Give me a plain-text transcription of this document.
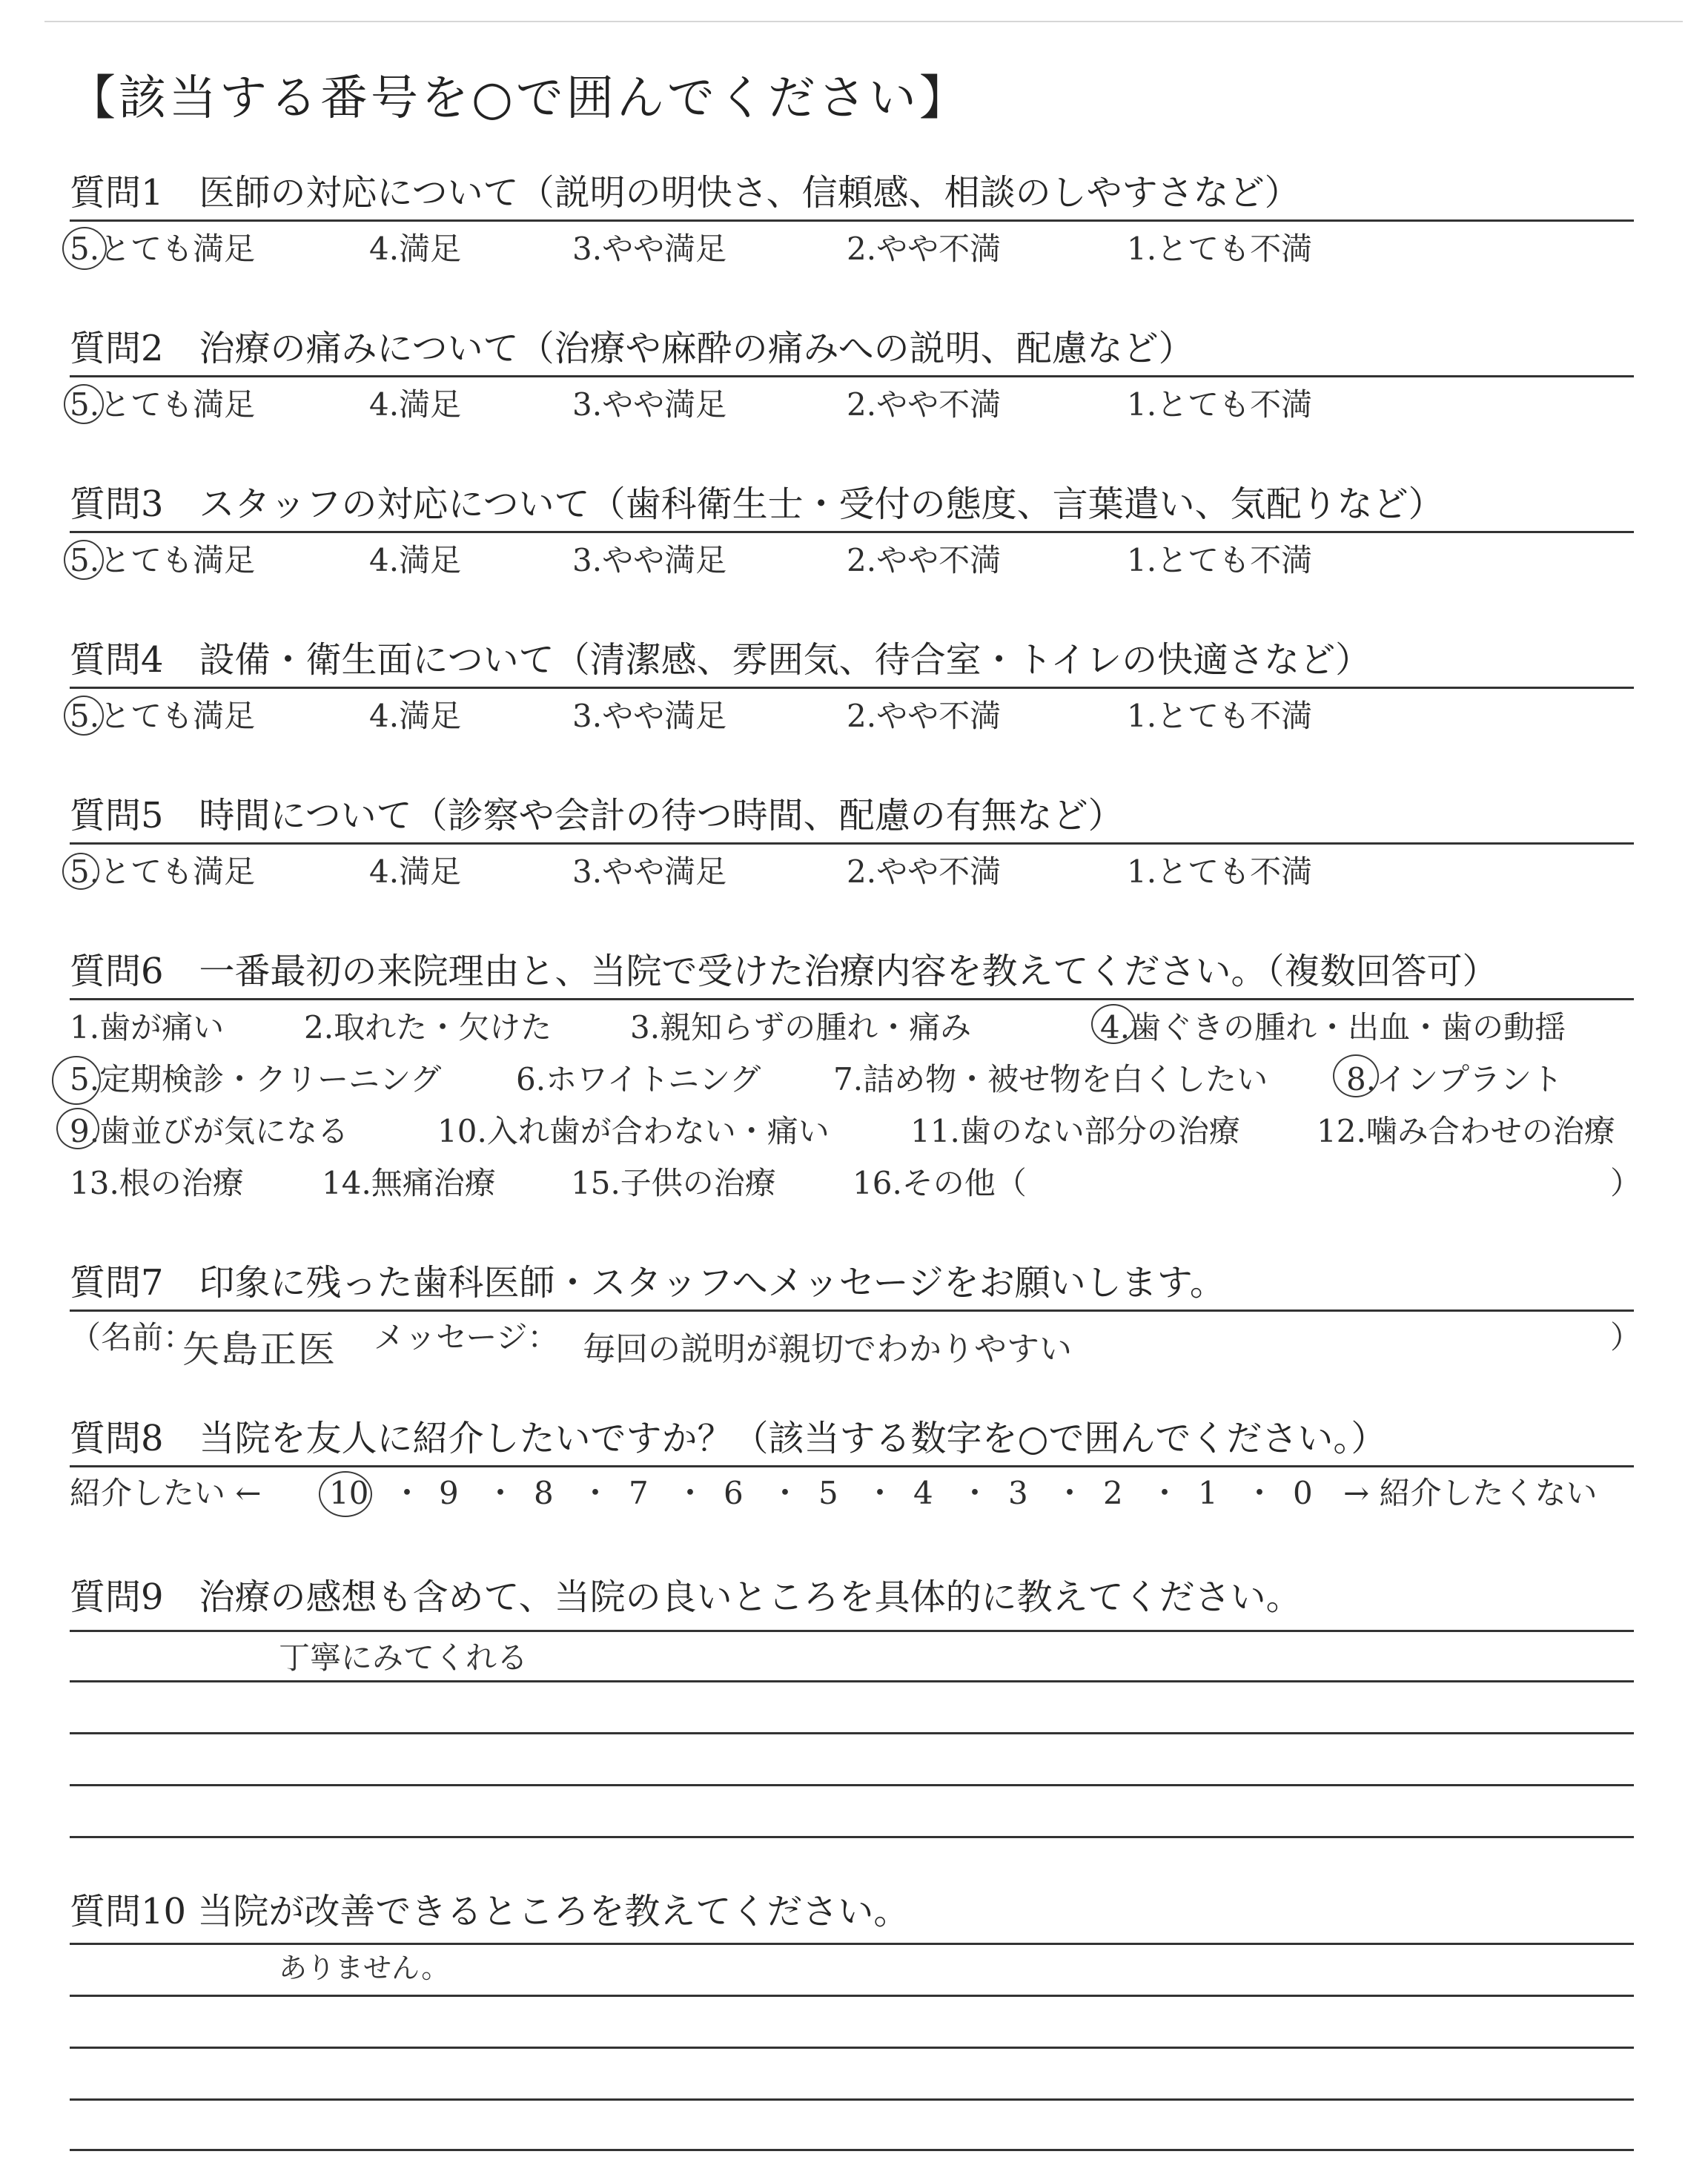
【該当する番号を○で囲んでください】
質問1　医師の対応について（説明の明快さ、信頼感、相談のしやすさなど）
5.とても満足	4.満足	3.やや満足	2.やや不満	1.とても不満
質問2　治療の痛みについて（治療や麻酔の痛みへの説明、配慮など）
5.とても満足	4.満足	3.やや満足	2.やや不満	1.とても不満
質問3　スタッフの対応について（歯科衛生士・受付の態度、言葉遣い、気配りなど）
5.とても満足	4.満足	3.やや満足	2.やや不満	1.とても不満
質問4　設備・衛生面について（清潔感、雰囲気、待合室・トイレの快適さなど）
5.とても満足	4.満足	3.やや満足	2.やや不満	1.とても不満
質問5　時間について（診察や会計の待つ時間、配慮の有無など）
5.とても満足	4.満足	3.やや満足	2.やや不満	1.とても不満
質問6　一番最初の来院理由と、当院で受けた治療内容を教えてください。（複数回答可）
1.歯が痛い	2.取れた・欠けた	3.親知らずの腫れ・痛み	4.歯ぐきの腫れ・出血・歯の動揺
5.定期検診・クリーニング 6.ホワイトニング 7.詰め物・被せ物を白くしたい	8.インプラント
9.歯並びが気になる	10.入れ歯が合わない・痛い	11.歯のない部分の治療 12.噛み合わせの治療
13.根の治療	14.無痛治療 15.子供の治療 16.その他（	）
質問7　印象に残った歯科医師・スタッフへメッセージをお願いします。
（名前：
矢島正医 メッセージ： 毎回の説明が親切でわかりやすい	）
質問8　当院を友人に紹介したいですか？（該当する数字を○で囲んでください。）
紹介したい ← 10 ・ 9 ・ 8 ・ 7 ・ 6 ・ 5 ・ 4 ・ 3 ・ 2 ・ 1 ・ 0 → 紹介したくない
質問9　治療の感想も含めて、当院の良いところを具体的に教えてください。
丁寧にみてくれる
質問10 当院が改善できるところを教えてください。
ありません。
